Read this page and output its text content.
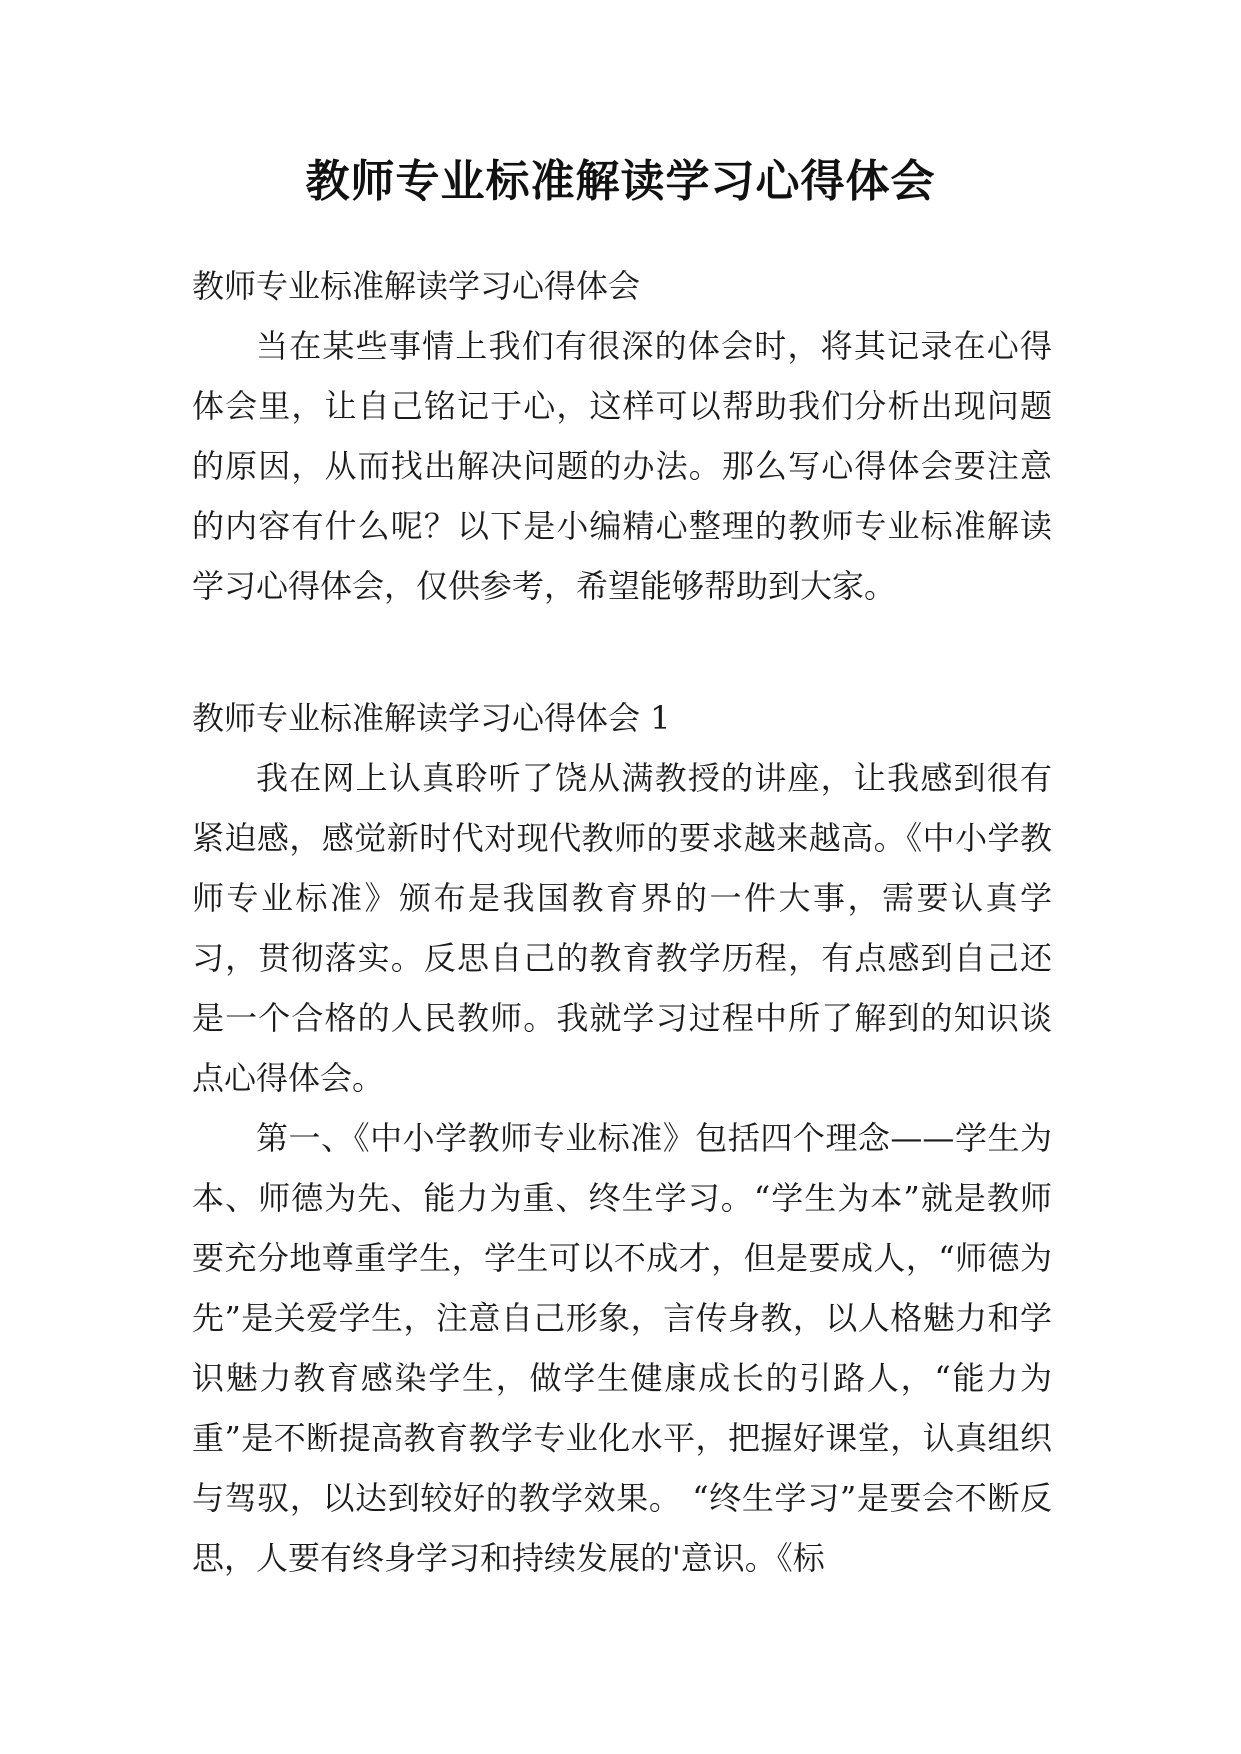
教师专业标准解读学习心得体会

教师专业标准解读学习心得体会

当在某些事情上我们有很深的体会时，将其记录在心得体会里，让自己铭记于心，这样可以帮助我们分析出现问题的原因，从而找出解决问题的办法。那么写心得体会要注意的内容有什么呢？以下是小编精心整理的教师专业标准解读学习心得体会，仅供参考，希望能够帮助到大家。

教师专业标准解读学习心得体会 1

我在网上认真聆听了饶从满教授的讲座，让我感到很有紧迫感，感觉新时代对现代教师的要求越来越高。《中小学教师专业标准》颁布是我国教育界的一件大事，需要认真学习，贯彻落实。反思自己的教育教学历程，有点感到自己还是一个合格的人民教师。我就学习过程中所了解到的知识谈点心得体会。

第一、《中小学教师专业标准》包括四个理念——学生为本、师德为先、能力为重、终生学习。“学生为本”就是教师要充分地尊重学生，学生可以不成才，但是要成人，“师德为先”是关爱学生，注意自己形象，言传身教，以人格魅力和学识魅力教育感染学生，做学生健康成长的引路人，“能力为重”是不断提高教育教学专业化水平，把握好课堂，认真组织与驾驭，以达到较好的教学效果。 “终生学习”是要会不断反思，人要有终身学习和持续发展的'意识。《标
